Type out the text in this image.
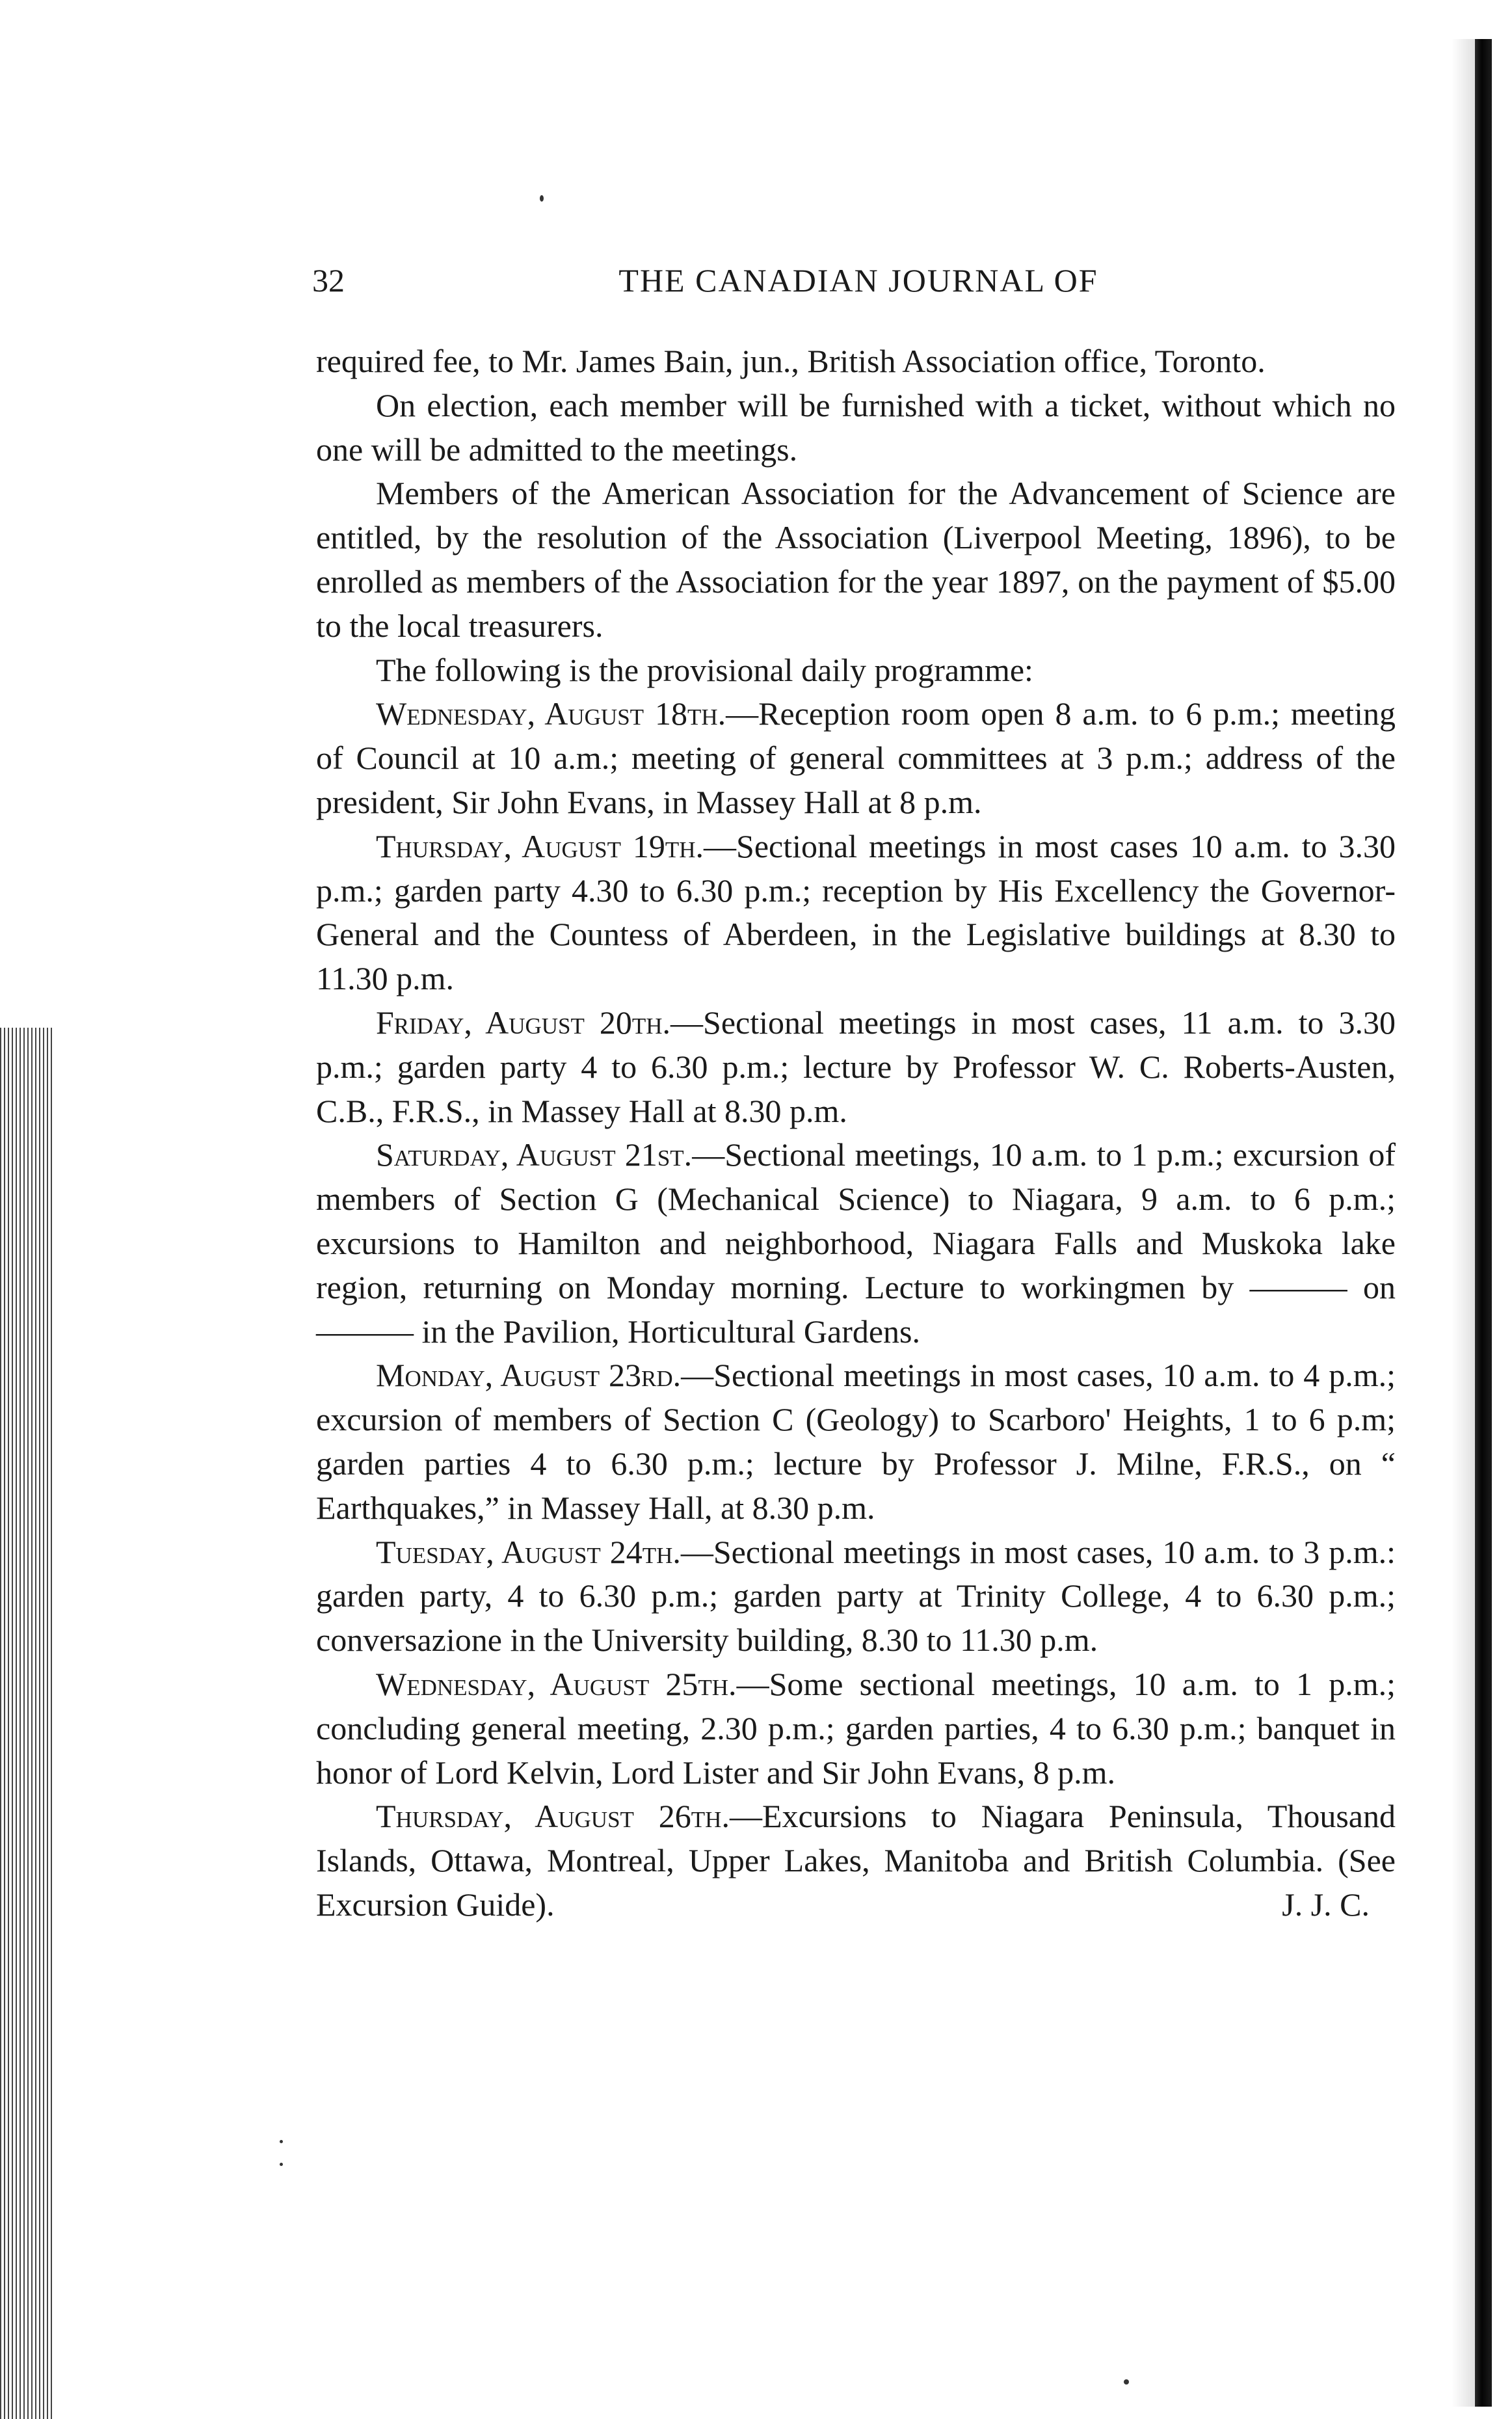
32	THE CANADIAN JOURNAL OF

required fee, to Mr. James Bain, jun., British Association office, Toronto.

On election, each member will be furnished with a ticket, without which no one will be admitted to the meetings.

Members of the American Association for the Advancement of Science are entitled, by the resolution of the Association (Liverpool Meeting, 1896), to be enrolled as members of the Association for the year 1897, on the payment of $5.00 to the local treasurers.

The following is the provisional daily programme:

Wednesday, August 18th.—Reception room open 8 a.m. to 6 p.m.; meeting of Council at 10 a.m.; meeting of general committees at 3 p.m.; address of the president, Sir John Evans, in Massey Hall at 8 p.m.

Thursday, August 19th.—Sectional meetings in most cases 10 a.m. to 3.30 p.m.; garden party 4.30 to 6.30 p.m.; reception by His Excellency the Governor-General and the Countess of Aberdeen, in the Legislative buildings at 8.30 to 11.30 p.m.

Friday, August 20th.—Sectional meetings in most cases, 11 a.m. to 3.30 p.m.; garden party 4 to 6.30 p.m.; lecture by Professor W. C. Roberts-Austen, C.B., F.R.S., in Massey Hall at 8.30 p.m.

Saturday, August 21st.—Sectional meetings, 10 a.m. to 1 p.m.; excursion of members of Section G (Mechanical Science) to Niagara, 9 a.m. to 6 p.m.; excursions to Hamilton and neighborhood, Niagara Falls and Muskoka lake region, returning on Monday morning. Lecture to workingmen by ——— on ——— in the Pavilion, Horticultural Gardens.

Monday, August 23rd.—Sectional meetings in most cases, 10 a.m. to 4 p.m.; excursion of members of Section C (Geology) to Scarboro' Heights, 1 to 6 p.m; garden parties 4 to 6.30 p.m.; lecture by Professor J. Milne, F.R.S., on “ Earthquakes,” in Massey Hall, at 8.30 p.m.

Tuesday, August 24th.—Sectional meetings in most cases, 10 a.m. to 3 p.m.: garden party, 4 to 6.30 p.m.; garden party at Trinity College, 4 to 6.30 p.m.; conversazione in the University building, 8.30 to 11.30 p.m.

Wednesday, August 25th.—Some sectional meetings, 10 a.m. to 1 p.m.; concluding general meeting, 2.30 p.m.; garden parties, 4 to 6.30 p.m.; banquet in honor of Lord Kelvin, Lord Lister and Sir John Evans, 8 p.m.

Thursday, August 26th.—Excursions to Niagara Peninsula, Thousand Islands, Ottawa, Montreal, Upper Lakes, Manitoba and British Columbia. (See Excursion Guide).	J. J. C.
